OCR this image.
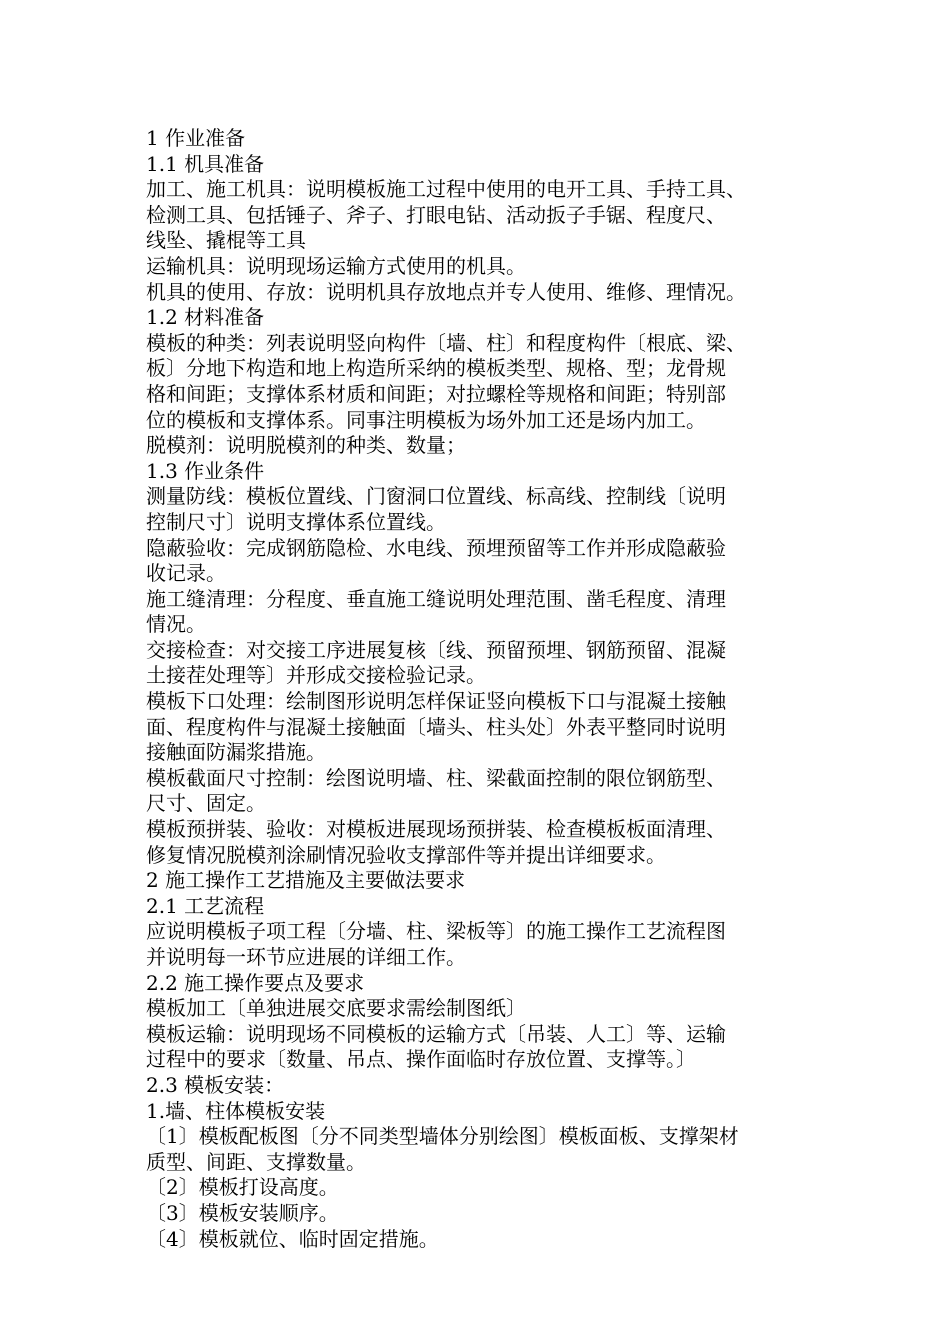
1 作业准备

1.1 机具准备

加工、施工机具：说明模板施工过程中使用的电开工具、手持工具、

检测工具、包括锤子、斧子、打眼电钻、活动扳子手锯、程度尺、

线坠、撬棍等工具

运输机具：说明现场运输方式使用的机具。

机具的使用、存放：说明机具存放地点并专人使用、维修、理情况。

1.2 材料准备

模板的种类：列表说明竖向构件〔墙、柱〕和程度构件〔根底、梁、

板〕分地下构造和地上构造所采纳的模板类型、规格、型；龙骨规

格和间距；支撑体系材质和间距；对拉螺栓等规格和间距；特别部

位的模板和支撑体系。同事注明模板为场外加工还是场内加工。

脱模剂：说明脱模剂的种类、数量；

1.3 作业条件

测量防线：模板位置线、门窗洞口位置线、标高线、控制线〔说明

控制尺寸〕说明支撑体系位置线。

隐蔽验收：完成钢筋隐检、水电线、预埋预留等工作并形成隐蔽验

收记录。

施工缝清理：分程度、垂直施工缝说明处理范围、凿毛程度、清理

情况。

交接检查：对交接工序进展复核〔线、预留预埋、钢筋预留、混凝

土接茬处理等〕并形成交接检验记录。

模板下口处理：绘制图形说明怎样保证竖向模板下口与混凝土接触

面、程度构件与混凝土接触面〔墙头、柱头处〕外表平整同时说明

接触面防漏浆措施。

模板截面尺寸控制：绘图说明墙、柱、梁截面控制的限位钢筋型、

尺寸、固定。

模板预拼装、验收：对模板进展现场预拼装、检查模板板面清理、

修复情况脱模剂涂刷情况验收支撑部件等并提出详细要求。

2 施工操作工艺措施及主要做法要求

2.1 工艺流程

应说明模板子项工程〔分墙、柱、梁板等〕的施工操作工艺流程图

并说明每一环节应进展的详细工作。

2.2 施工操作要点及要求

模板加工〔单独进展交底要求需绘制图纸〕

模板运输：说明现场不同模板的运输方式〔吊装、人工〕等、运输

过程中的要求〔数量、吊点、操作面临时存放位置、支撑等。〕

2.3 模板安装：

1.墙、柱体模板安装

〔1〕模板配板图〔分不同类型墙体分别绘图〕模板面板、支撑架材

质型、间距、支撑数量。

〔2〕模板打设高度。

〔3〕模板安装顺序。

〔4〕模板就位、临时固定措施。
